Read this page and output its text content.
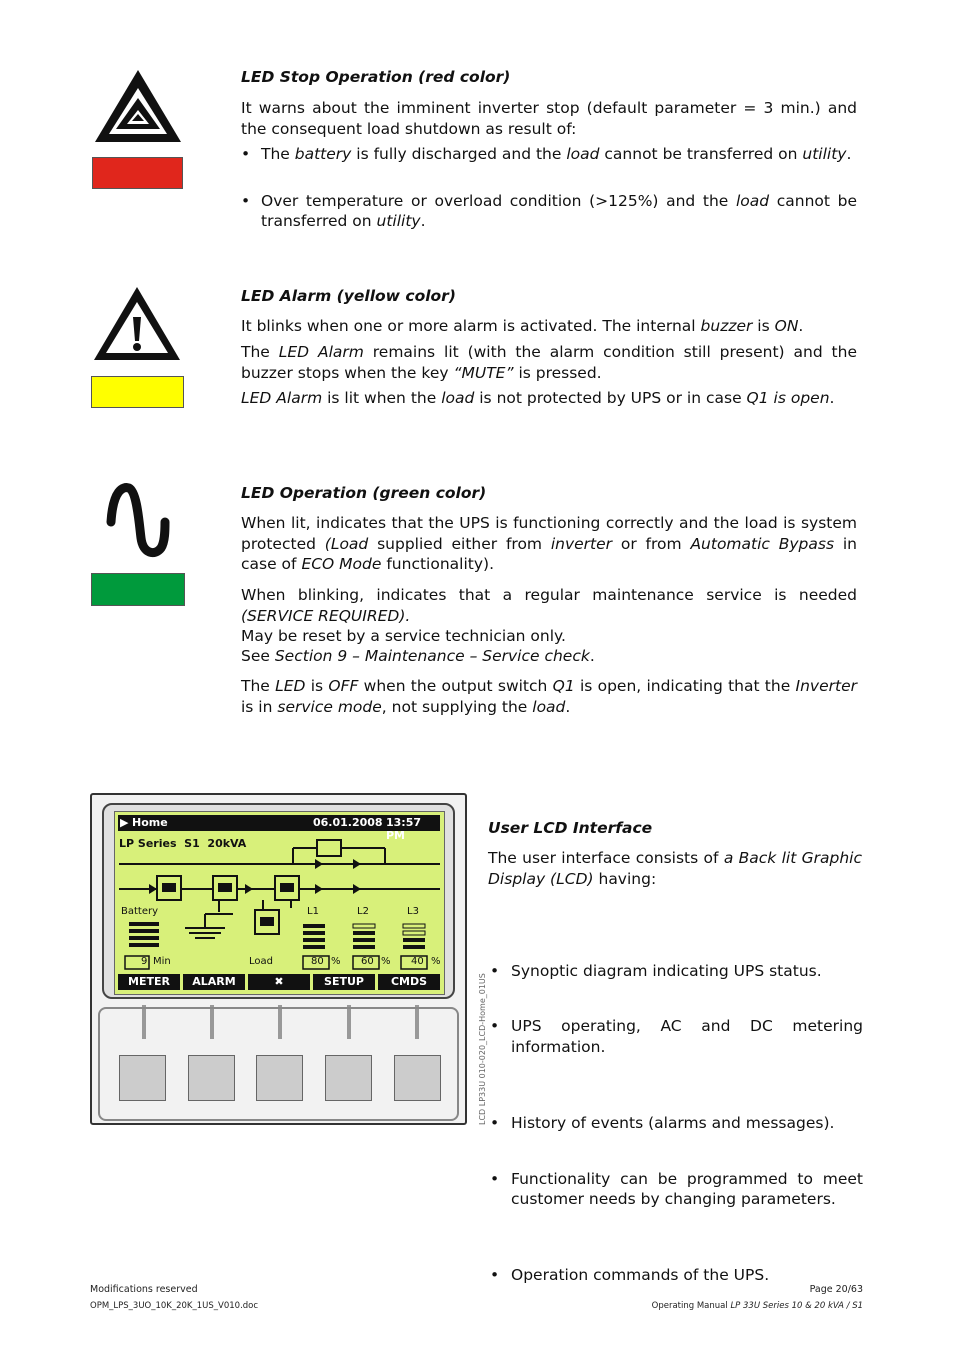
LED Stop Operation (red color)
It warns about the imminent inverter stop (default parameter = 3 min.) and the consequent load shutdown as result of:
• The battery is fully discharged and the load cannot be transferred on utility.
• Over temperature or overload condition (>125%) and the load cannot be transferred on utility.
LED Alarm (yellow color)
It blinks when one or more alarm is activated. The internal buzzer is ON.
The LED Alarm remains lit (with the alarm condition still present) and the buzzer stops when the key “MUTE” is pressed.
LED Alarm is lit when the load is not protected by UPS or in case Q1 is open.
LED Operation (green color)
When lit, indicates that the UPS is functioning correctly and the load is system protected (Load supplied either from inverter or from Automatic Bypass in case of ECO Mode functionality).
When blinking, indicates that a regular maintenance service is needed (SERVICE REQUIRED).
May be reset by a service technician only.
See Section 9 – Maintenance – Service check.
The LED is OFF when the output switch Q1 is open, indicating that the Inverter is in service mode, not supplying the load.
▶ Home	06.01.2008 13:57 PM
LP Series S1 20kVA
Battery	L1	L2	L3
9 Min	Load	80 % 60 % 40 %
METER	ALARM	✖	SETUP	CMDS	LCD LP33U 010-020_LCD-Home_01US
User LCD Interface
The user interface consists of a Back lit Graphic Display (LCD) having:
• Synoptic diagram indicating UPS status.
• UPS operating, AC and DC metering information.
• History of events (alarms and messages).
• Functionality can be programmed to meet customer needs by changing parameters.
• Operation commands of the UPS.
Modifications reserved
OPM_LPS_3UO_10K_20K_1US_V010.doc
Page 20/63
Operating Manual LP 33U Series 10 & 20 kVA / S1
